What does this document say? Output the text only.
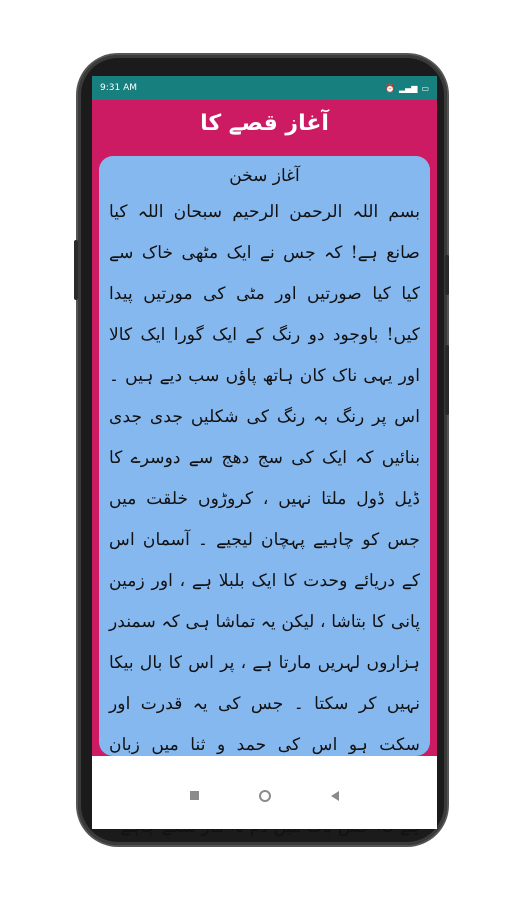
9:31 AM	⏰ ▂▄▆ ▭
آغاز قصے کا
آغاز سخن
بسم اللہ الرحمن الرحیم سبحان اللہ کیا صانع ہے! کہ جس نے ایک مٹھی خاک سے کیا کیا صورتیں اور مٹی کی مورتیں پیدا کیں! باوجود دو رنگ کے ایک گورا ایک کالا اور یہی ناک کان ہاتھ پاؤں سب دیے ہیں ۔ اس پر رنگ بہ رنگ کی شکلیں جدی جدی بنائیں کہ ایک کی سج دھج سے دوسرے کا ڈیل ڈول ملتا نہیں ، کروڑوں خلقت میں جس کو چاہیے پہچان لیجیے ۔ آسمان اس کے دریائے وحدت کا ایک بلبلا ہے ، اور زمین پانی کا بتاشا ، لیکن یہ تماشا ہی کہ سمندر ہزاروں لہریں مارتا ہے ، پر اس کا بال بیکا نہیں کر سکتا ۔ جس کی یہ قدرت اور سکت ہو اس کی حمد و ثنا میں زبان
